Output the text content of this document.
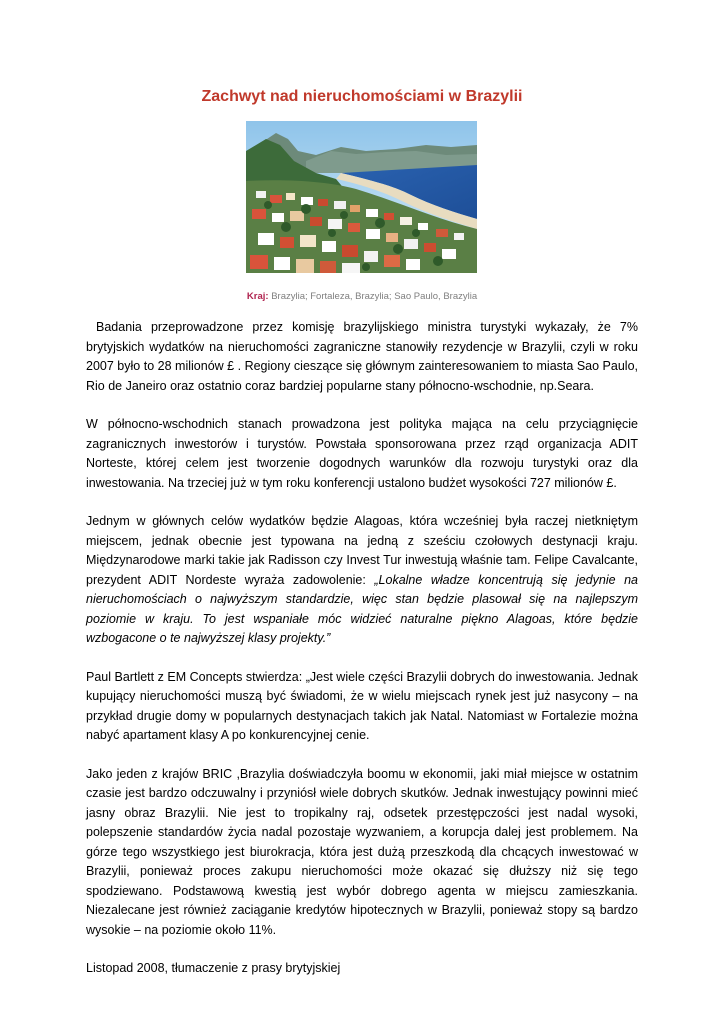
Zachwyt nad nieruchomościami w Brazylii
Kraj: Brazylia; Fortaleza, Brazylia; Sao Paulo, Brazylia

Badania przeprowadzone przez komisję brazylijskiego ministra turystyki wykazały, że 7% brytyjskich wydatków na nieruchomości zagraniczne stanowiły rezydencje w Brazylii, czyli w roku 2007 było to 28 milionów £ . Regiony cieszące się głównym zainteresowaniem to miasta Sao Paulo, Rio de Janeiro oraz ostatnio coraz bardziej popularne stany północno-wschodnie, np.Seara.

W północno-wschodnich stanach prowadzona jest polityka mająca na celu przyciągnięcie zagranicznych inwestorów i turystów. Powstała sponsorowana przez rząd organizacja ADIT Norteste, której celem jest tworzenie dogodnych warunków dla rozwoju turystyki oraz dla inwestowania. Na trzeciej już w tym roku konferencji ustalono budżet wysokości 727 milionów £.

Jednym w głównych celów wydatków będzie Alagoas, która wcześniej była raczej nietkniętym miejscem, jednak obecnie jest typowana na jedną z sześciu czołowych destynacji kraju. Międzynarodowe marki takie jak Radisson czy Invest Tur inwestują właśnie tam. Felipe Cavalcante, prezydent ADIT Nordeste wyraża zadowolenie: „Lokalne władze koncentrują się jedynie na nieruchomościach o najwyższym standardzie, więc stan będzie plasował się na najlepszym poziomie w kraju. To jest wspaniałe móc widzieć naturalne piękno Alagoas, które będzie wzbogacone o te najwyższej klasy projekty.”

Paul Bartlett z EM Concepts stwierdza: „Jest wiele części Brazylii dobrych do inwestowania. Jednak kupujący nieruchomości muszą być świadomi, że w wielu miejscach rynek jest już nasycony – na przykład drugie domy w popularnych destynacjach takich jak Natal. Natomiast w Fortalezie można nabyć apartament klasy A po konkurencyjnej cenie.

Jako jeden z krajów BRIC ,Brazylia doświadczyła boomu w ekonomii, jaki miał miejsce w ostatnim czasie jest bardzo odczuwalny i przyniósł wiele dobrych skutków. Jednak inwestujący powinni mieć jasny obraz Brazylii. Nie jest to tropikalny raj, odsetek przestępczości jest nadal wysoki, polepszenie standardów życia nadal pozostaje wyzwaniem, a korupcja dalej jest problemem. Na górze tego wszystkiego jest biurokracja, która jest dużą przeszkodą dla chcących inwestować w Brazylii, ponieważ proces zakupu nieruchomości może okazać się dłuższy niż się tego spodziewano. Podstawową kwestią jest wybór dobrego agenta w miejscu zamieszkania. Niezalecane jest również zaciąganie kredytów hipotecznych w Brazylii, ponieważ stopy są bardzo wysokie – na poziomie około 11%.

Listopad 2008, tłumaczenie z prasy brytyjskiej
